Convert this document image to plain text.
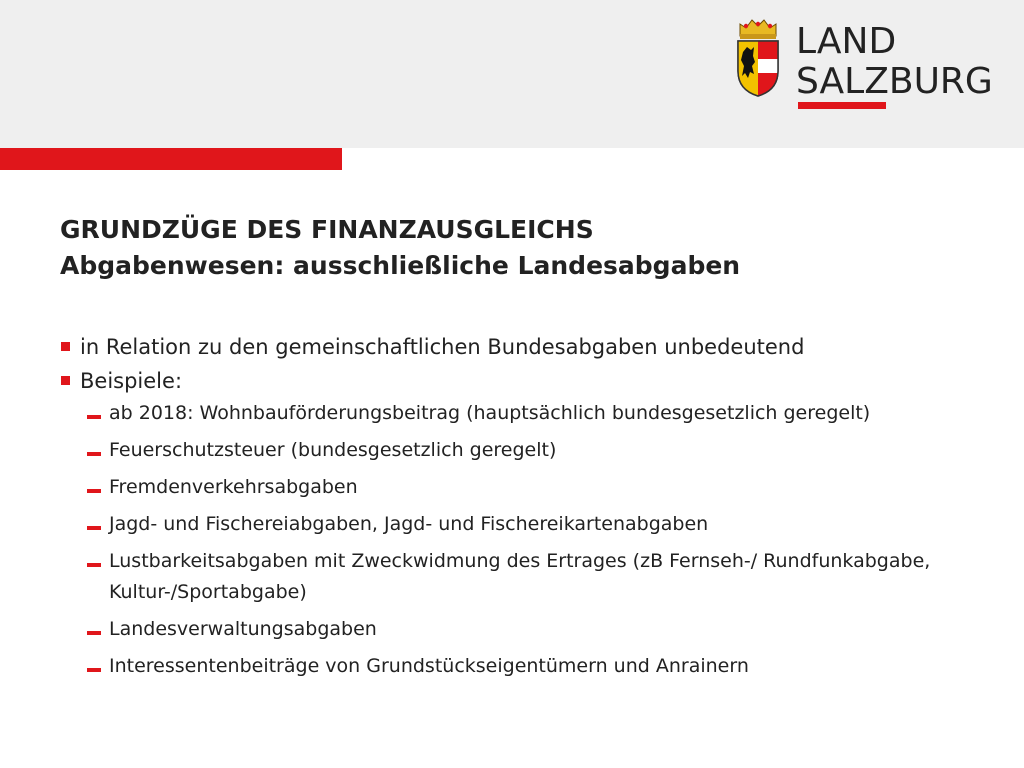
LAND
SALZBURG
GRUNDZÜGE DES FINANZAUSGLEICHS
Abgabenwesen: ausschließliche Landesabgaben
in Relation zu den gemeinschaftlichen Bundesabgaben unbedeutend
Beispiele:
ab 2018: Wohnbauförderungsbeitrag (hauptsächlich bundesgesetzlich geregelt)
Feuerschutzsteuer (bundesgesetzlich geregelt)
Fremdenverkehrsabgaben
Jagd- und Fischereiabgaben, Jagd- und Fischereikartenabgaben
Lustbarkeitsabgaben mit Zweckwidmung des Ertrages (zB Fernseh-/ Rundfunkabgabe, Kultur-/Sportabgabe)
Landesverwaltungsabgaben
Interessentenbeiträge von Grundstückseigentümern und Anrainern
